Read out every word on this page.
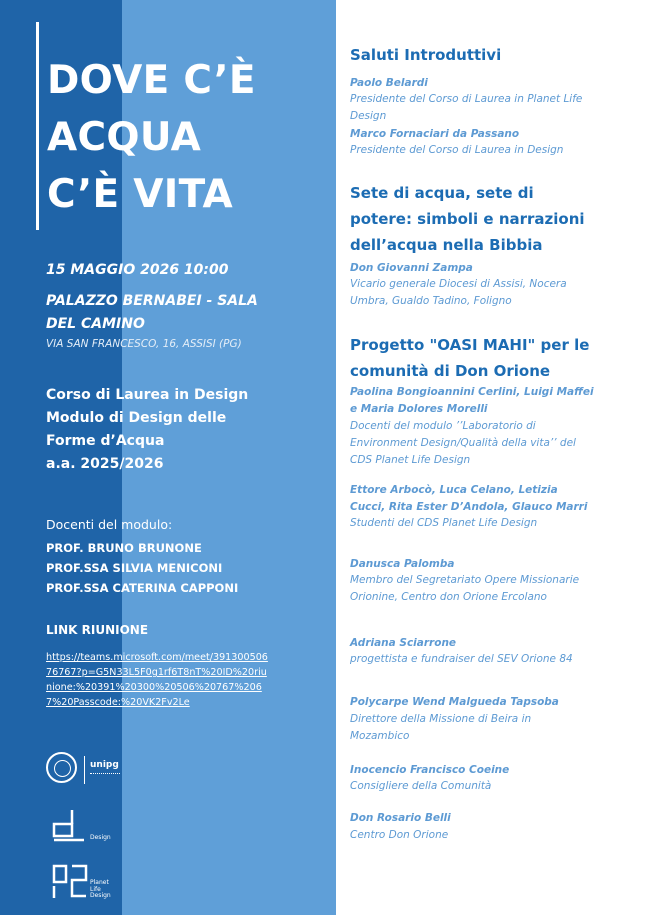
DOVE C’È
ACQUA
C’È VITA
15 MAGGIO 2026 10:00
PALAZZO BERNABEI - SALA
DEL CAMINO
VIA SAN FRANCESCO, 16, ASSISI (PG)
Corso di Laurea in Design
Modulo di Design delle
Forme d’Acqua
a.a. 2025/2026
Docenti del modulo:
PROF. BRUNO BRUNONE
PROF.SSA SILVIA MENICONI
PROF.SSA CATERINA CAPPONI
LINK RIUNIONE
https://teams.microsoft.com/meet/39130050676767?p=G5N33L5F0g1rf6T8nT%20ID%20riunione:%20391%20300%20506%20767%2067%20Passcode:%20VK2Fv2Le
unipg
Design
Planet
Life
Design
Saluti Introduttivi
Paolo Belardi
Presidente del Corso di Laurea in Planet Life Design
Marco Fornaciari da Passano
Presidente del Corso di Laurea in Design
Sete di acqua, sete di potere: simboli e narrazioni dell’acqua nella Bibbia
Don Giovanni Zampa
Vicario generale Diocesi di Assisi, Nocera Umbra, Gualdo Tadino, Foligno
Progetto "OASI MAHI" per le comunità di Don Orione
Paolina Bongioannini Cerlini, Luigi Maffei e Maria Dolores Morelli
Docenti del modulo ’’Laboratorio di Environment Design/Qualità della vita’’ del CDS Planet Life Design
Ettore Arbocò, Luca Celano, Letizia Cucci, Rita Ester D’Andola, Glauco Marri
Studenti del CDS Planet Life Design
Danusca Palomba
Membro del Segretariato Opere Missionarie Orionine, Centro don Orione Ercolano
Adriana Sciarrone
progettista e fundraiser del SEV Orione 84
Polycarpe Wend Malgueda Tapsoba
Direttore della Missione di Beira in Mozambico
Inocencio Francisco Coeine
Consigliere della Comunità
Don Rosario Belli
Centro Don Orione
